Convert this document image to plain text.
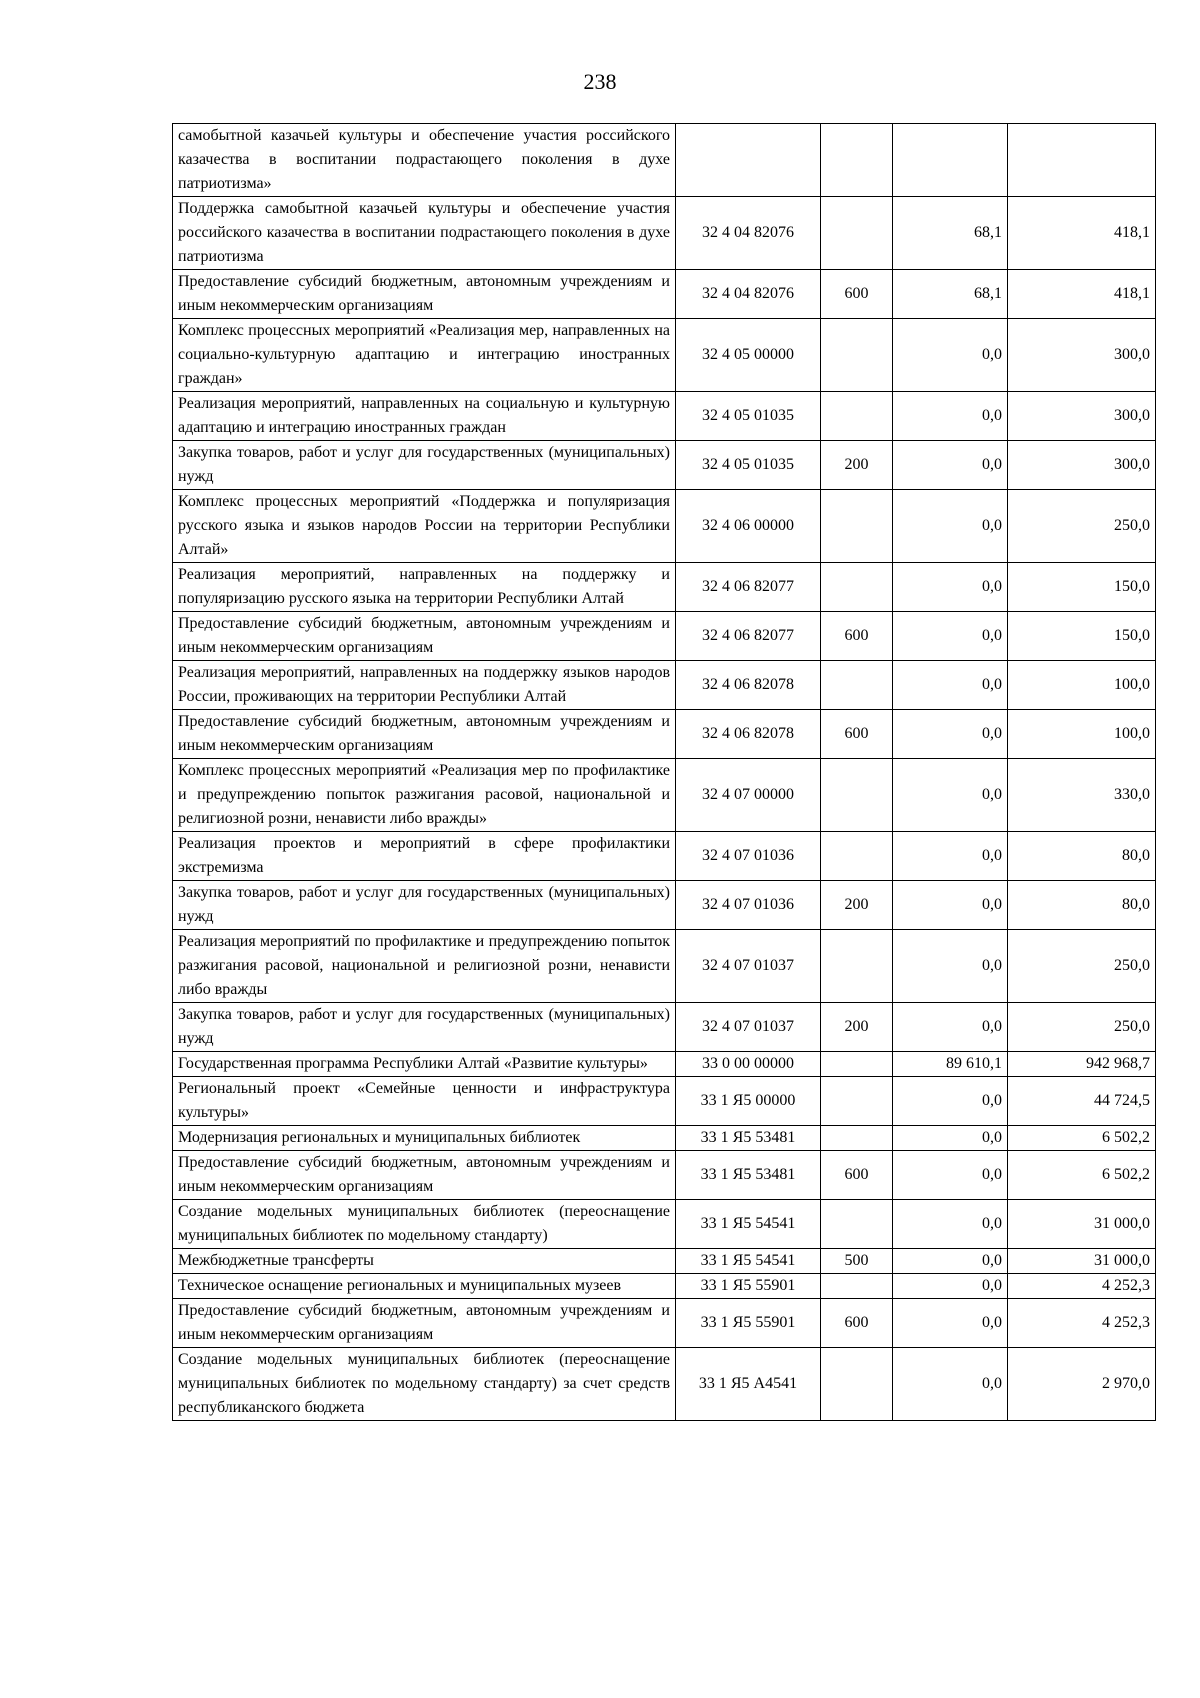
238
самобытной казачьей культуры и обеспечение участия российского казачества в воспитании подрастающего поколения в духе патриотизма»				
Поддержка самобытной казачьей культуры и обеспечение участия российского казачества в воспитании подрастающего поколения в духе патриотизма	32 4 04 82076		68,1	418,1
Предоставление субсидий бюджетным, автономным учреждениям и иным некоммерческим организациям	32 4 04 82076	600	68,1	418,1
Комплекс процессных мероприятий «Реализация мер, направленных на социально-культурную адаптацию и интеграцию иностранных граждан»	32 4 05 00000		0,0	300,0
Реализация мероприятий, направленных на социальную и культурную адаптацию и интеграцию иностранных граждан	32 4 05 01035		0,0	300,0
Закупка товаров, работ и услуг для государственных (муниципальных) нужд	32 4 05 01035	200	0,0	300,0
Комплекс процессных мероприятий «Поддержка и популяризация русского языка и языков народов России на территории Республики Алтай»	32 4 06 00000		0,0	250,0
Реализация мероприятий, направленных на поддержку и популяризацию русского языка на территории Республики Алтай	32 4 06 82077		0,0	150,0
Предоставление субсидий бюджетным, автономным учреждениям и иным некоммерческим организациям	32 4 06 82077	600	0,0	150,0
Реализация мероприятий, направленных на поддержку языков народов России, проживающих на территории Республики Алтай	32 4 06 82078		0,0	100,0
Предоставление субсидий бюджетным, автономным учреждениям и иным некоммерческим организациям	32 4 06 82078	600	0,0	100,0
Комплекс процессных мероприятий «Реализация мер по профилактике и предупреждению попыток разжигания расовой, национальной и религиозной розни, ненависти либо вражды»	32 4 07 00000		0,0	330,0
Реализация проектов и мероприятий в сфере профилактики экстремизма	32 4 07 01036		0,0	80,0
Закупка товаров, работ и услуг для государственных (муниципальных) нужд	32 4 07 01036	200	0,0	80,0
Реализация мероприятий по профилактике и предупреждению попыток разжигания расовой, национальной и религиозной розни, ненависти либо вражды	32 4 07 01037		0,0	250,0
Закупка товаров, работ и услуг для государственных (муниципальных) нужд	32 4 07 01037	200	0,0	250,0
Государственная программа Республики Алтай «Развитие культуры»	33 0 00 00000		89 610,1	942 968,7
Региональный проект «Семейные ценности и инфраструктура культуры»	33 1 Я5 00000		0,0	44 724,5
Модернизация региональных и муниципальных библиотек	33 1 Я5 53481		0,0	6 502,2
Предоставление субсидий бюджетным, автономным учреждениям и иным некоммерческим организациям	33 1 Я5 53481	600	0,0	6 502,2
Создание модельных муниципальных библиотек (переоснащение муниципальных библиотек по модельному стандарту)	33 1 Я5 54541		0,0	31 000,0
Межбюджетные трансферты	33 1 Я5 54541	500	0,0	31 000,0
Техническое оснащение региональных и муниципальных музеев	33 1 Я5 55901		0,0	4 252,3
Предоставление субсидий бюджетным, автономным учреждениям и иным некоммерческим организациям	33 1 Я5 55901	600	0,0	4 252,3
Создание модельных муниципальных библиотек (переоснащение муниципальных библиотек по модельному стандарту) за счет средств республиканского бюджета	33 1 Я5 А4541		0,0	2 970,0
